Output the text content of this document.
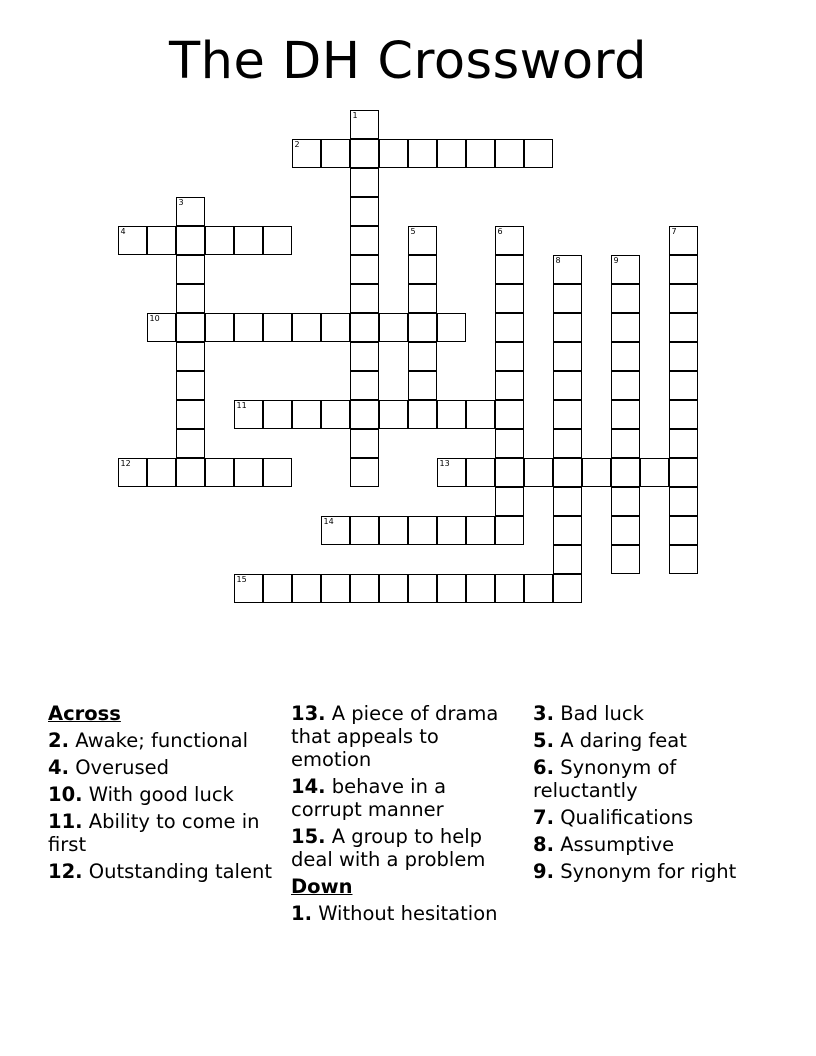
The DH Crossword
1
2
3
4	5	6	7
8	9
10
11
12	13
14
15
Across
2. Awake; functional
4. Overused
10. With good luck
11. Ability to come in first
12. Outstanding talent
13. A piece of drama that appeals to emotion
14. behave in a corrupt manner
15. A group to help deal with a problem
Down
1. Without hesitation
3. Bad luck
5. A daring feat
6. Synonym of reluctantly
7. Qualifications
8. Assumptive
9. Synonym for right
